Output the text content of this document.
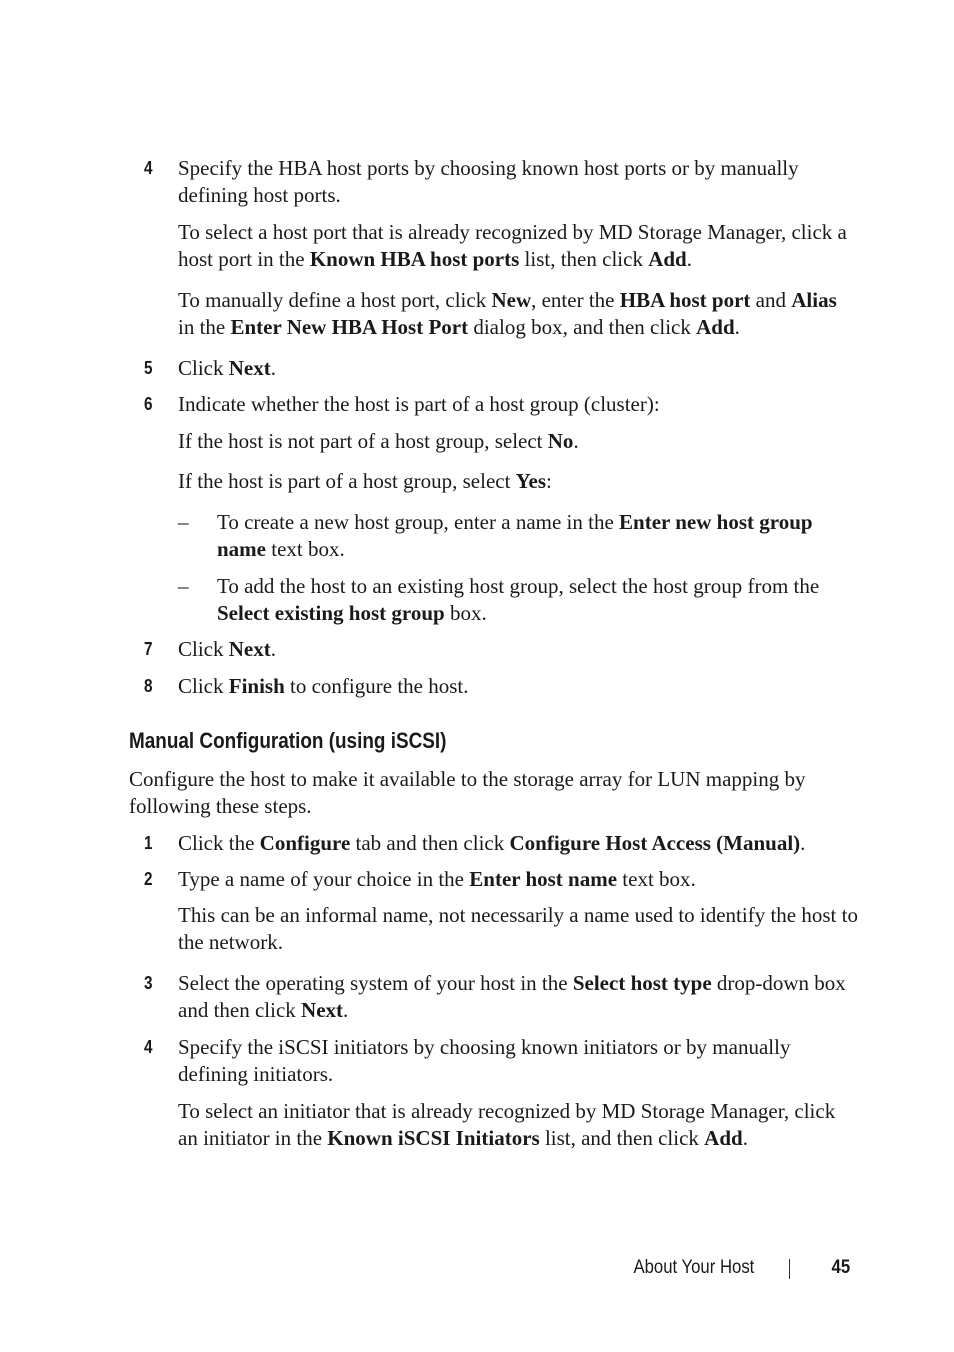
4 Specify the HBA host ports by choosing known host ports or by manually defining host ports.
To select a host port that is already recognized by MD Storage Manager, click a host port in the Known HBA host ports list, then click Add.
To manually define a host port, click New, enter the HBA host port and Alias in the Enter New HBA Host Port dialog box, and then click Add.
5 Click Next.
6 Indicate whether the host is part of a host group (cluster):
If the host is not part of a host group, select No.
If the host is part of a host group, select Yes:
– To create a new host group, enter a name in the Enter new host group name text box.
– To add the host to an existing host group, select the host group from the Select existing host group box.
7 Click Next.
8 Click Finish to configure the host.
Manual Configuration (using iSCSI)
Configure the host to make it available to the storage array for LUN mapping by following these steps.
1 Click the Configure tab and then click Configure Host Access (Manual).
2 Type a name of your choice in the Enter host name text box.
This can be an informal name, not necessarily a name used to identify the host to the network.
3 Select the operating system of your host in the Select host type drop-down box and then click Next.
4 Specify the iSCSI initiators by choosing known initiators or by manually defining initiators.
To select an initiator that is already recognized by MD Storage Manager, click an initiator in the Known iSCSI Initiators list, and then click Add.
About Your Host	45
